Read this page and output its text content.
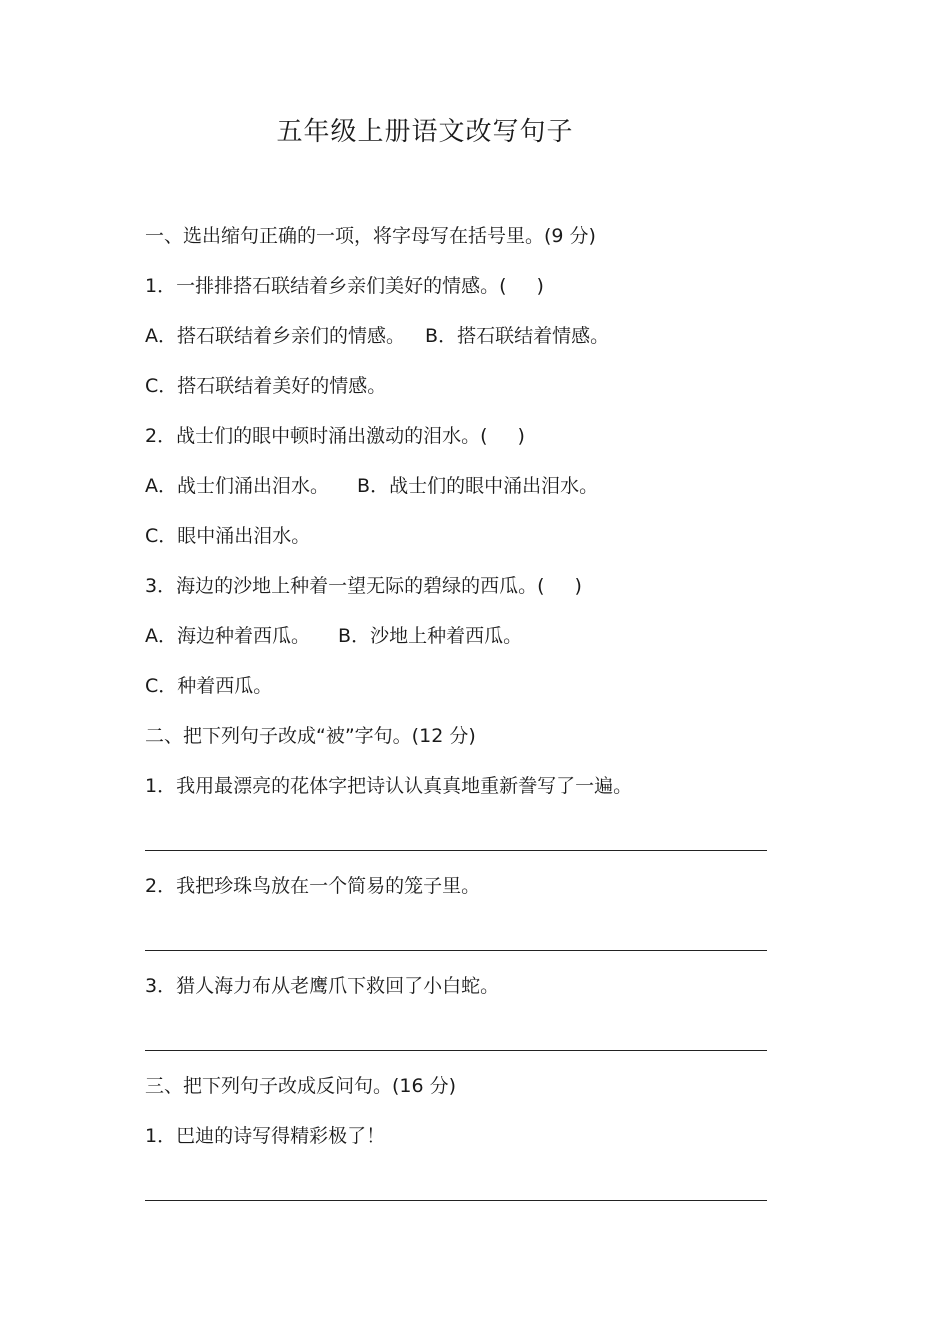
五年级上册语文改写句子
一、选出缩句正确的一项，将字母写在括号里。(9 分)
1．一排排搭石联结着乡亲们美好的情感。( )
A．搭石联结着乡亲们的情感。 B．搭石联结着情感。
C．搭石联结着美好的情感。
2．战士们的眼中顿时涌出激动的泪水。( )
A．战士们涌出泪水。 B．战士们的眼中涌出泪水。
C．眼中涌出泪水。
3．海边的沙地上种着一望无际的碧绿的西瓜。( )
A．海边种着西瓜。 B．沙地上种着西瓜。
C．种着西瓜。
二、把下列句子改成“被”字句。(12 分)
1．我用最漂亮的花体字把诗认认真真地重新誊写了一遍。
2．我把珍珠鸟放在一个简易的笼子里。
3．猎人海力布从老鹰爪下救回了小白蛇。
三、把下列句子改成反问句。(16 分)
1．巴迪的诗写得精彩极了！
